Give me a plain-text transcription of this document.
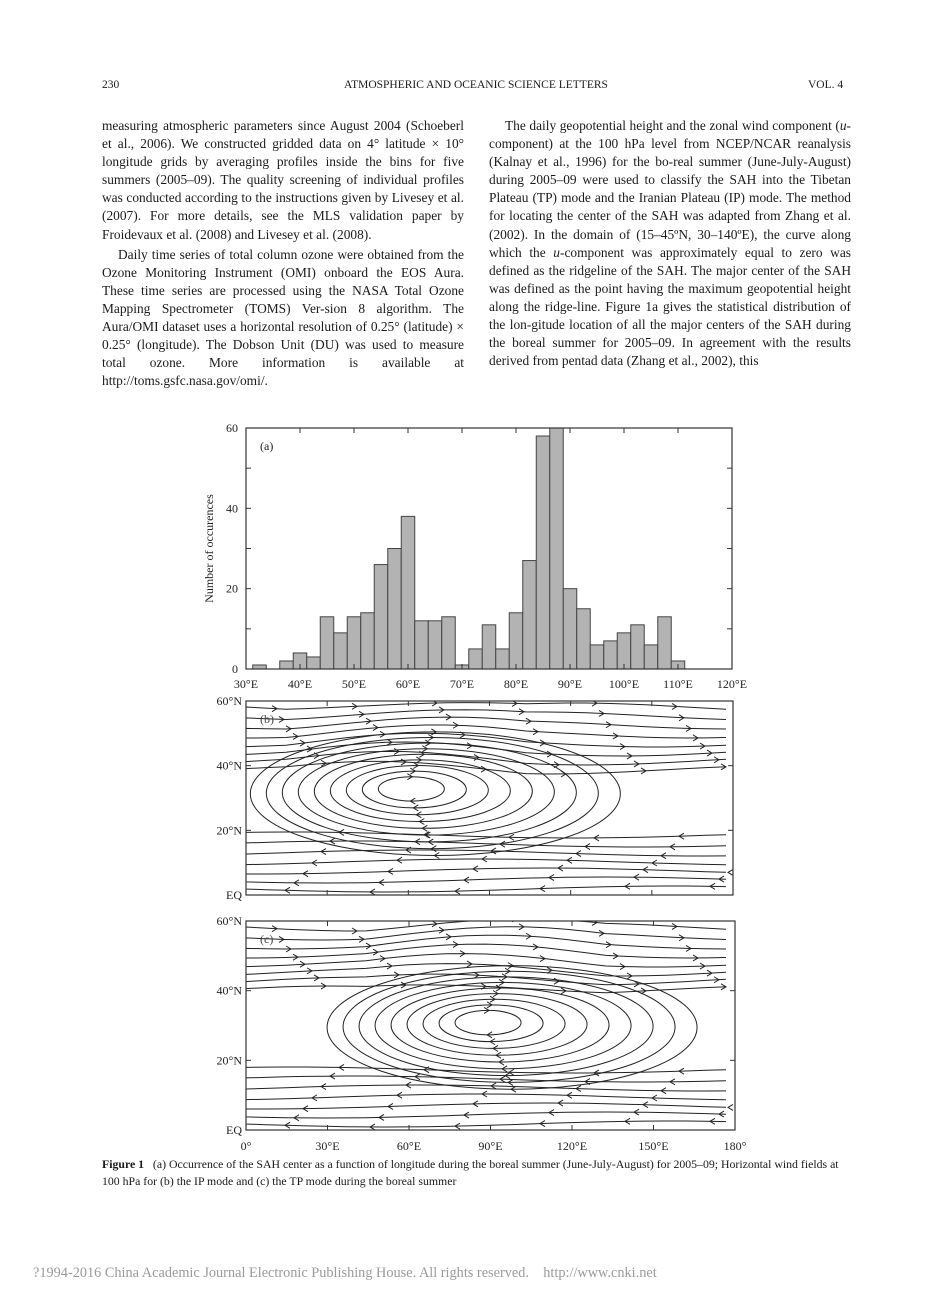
230	ATMOSPHERIC AND OCEANIC SCIENCE LETTERS	VOL. 4

measuring atmospheric parameters since August 2004 (Schoeberl et al., 2006). We constructed gridded data on 4° latitude × 10° longitude grids by averaging profiles inside the bins for five summers (2005–09). The quality screening of individual profiles was conducted according to the instructions given by Livesey et al. (2007). For more details, see the MLS validation paper by Froidevaux et al. (2008) and Livesey et al. (2008).

Daily time series of total column ozone were obtained from the Ozone Monitoring Instrument (OMI) onboard the EOS Aura. These time series are processed using the NASA Total Ozone Mapping Spectrometer (TOMS) Ver-sion 8 algorithm. The Aura/OMI dataset uses a horizontal resolution of 0.25° (latitude) × 0.25° (longitude). The Dobson Unit (DU) was used to measure total ozone. More information is available at http://toms.gsfc.nasa.gov/omi/.

The daily geopotential height and the zonal wind component (u-component) at the 100 hPa level from NCEP/NCAR reanalysis (Kalnay et al., 1996) for the bo-real summer (June-July-August) during 2005–09 were used to classify the SAH into the Tibetan Plateau (TP) mode and the Iranian Plateau (IP) mode. The method for locating the center of the SAH was adapted from Zhang et al. (2002). In the domain of (15–45ºN, 30–140ºE), the curve along which the u-component was approximately equal to zero was defined as the ridgeline of the SAH. The major center of the SAH was defined as the point having the maximum geopotential height along the ridge-line. Figure 1a gives the statistical distribution of the lon-gitude location of all the major centers of the SAH during the boreal summer for 2005–09. In agreement with the results derived from pentad data (Zhang et al., 2002), this

30°E 40°E 50°E 60°E 70°E 80°E 90°E 100°E 110°E 120°E
0
20
40
60
(a)
Number of occurences
60°N
40°N
20°N
EQ
(b)
60°N
40°N
20°N
EQ
0°	30°E	60°E	90°E	120°E	150°E	180°
(c)
Figure 1 (a) Occurrence of the SAH center as a function of longitude during the boreal summer (June-July-August) for 2005–09; Horizontal wind fields at 100 hPa for (b) the IP mode and (c) the TP mode during the boreal summer
?1994-2016 China Academic Journal Electronic Publishing House. All rights reserved. http://www.cnki.net
